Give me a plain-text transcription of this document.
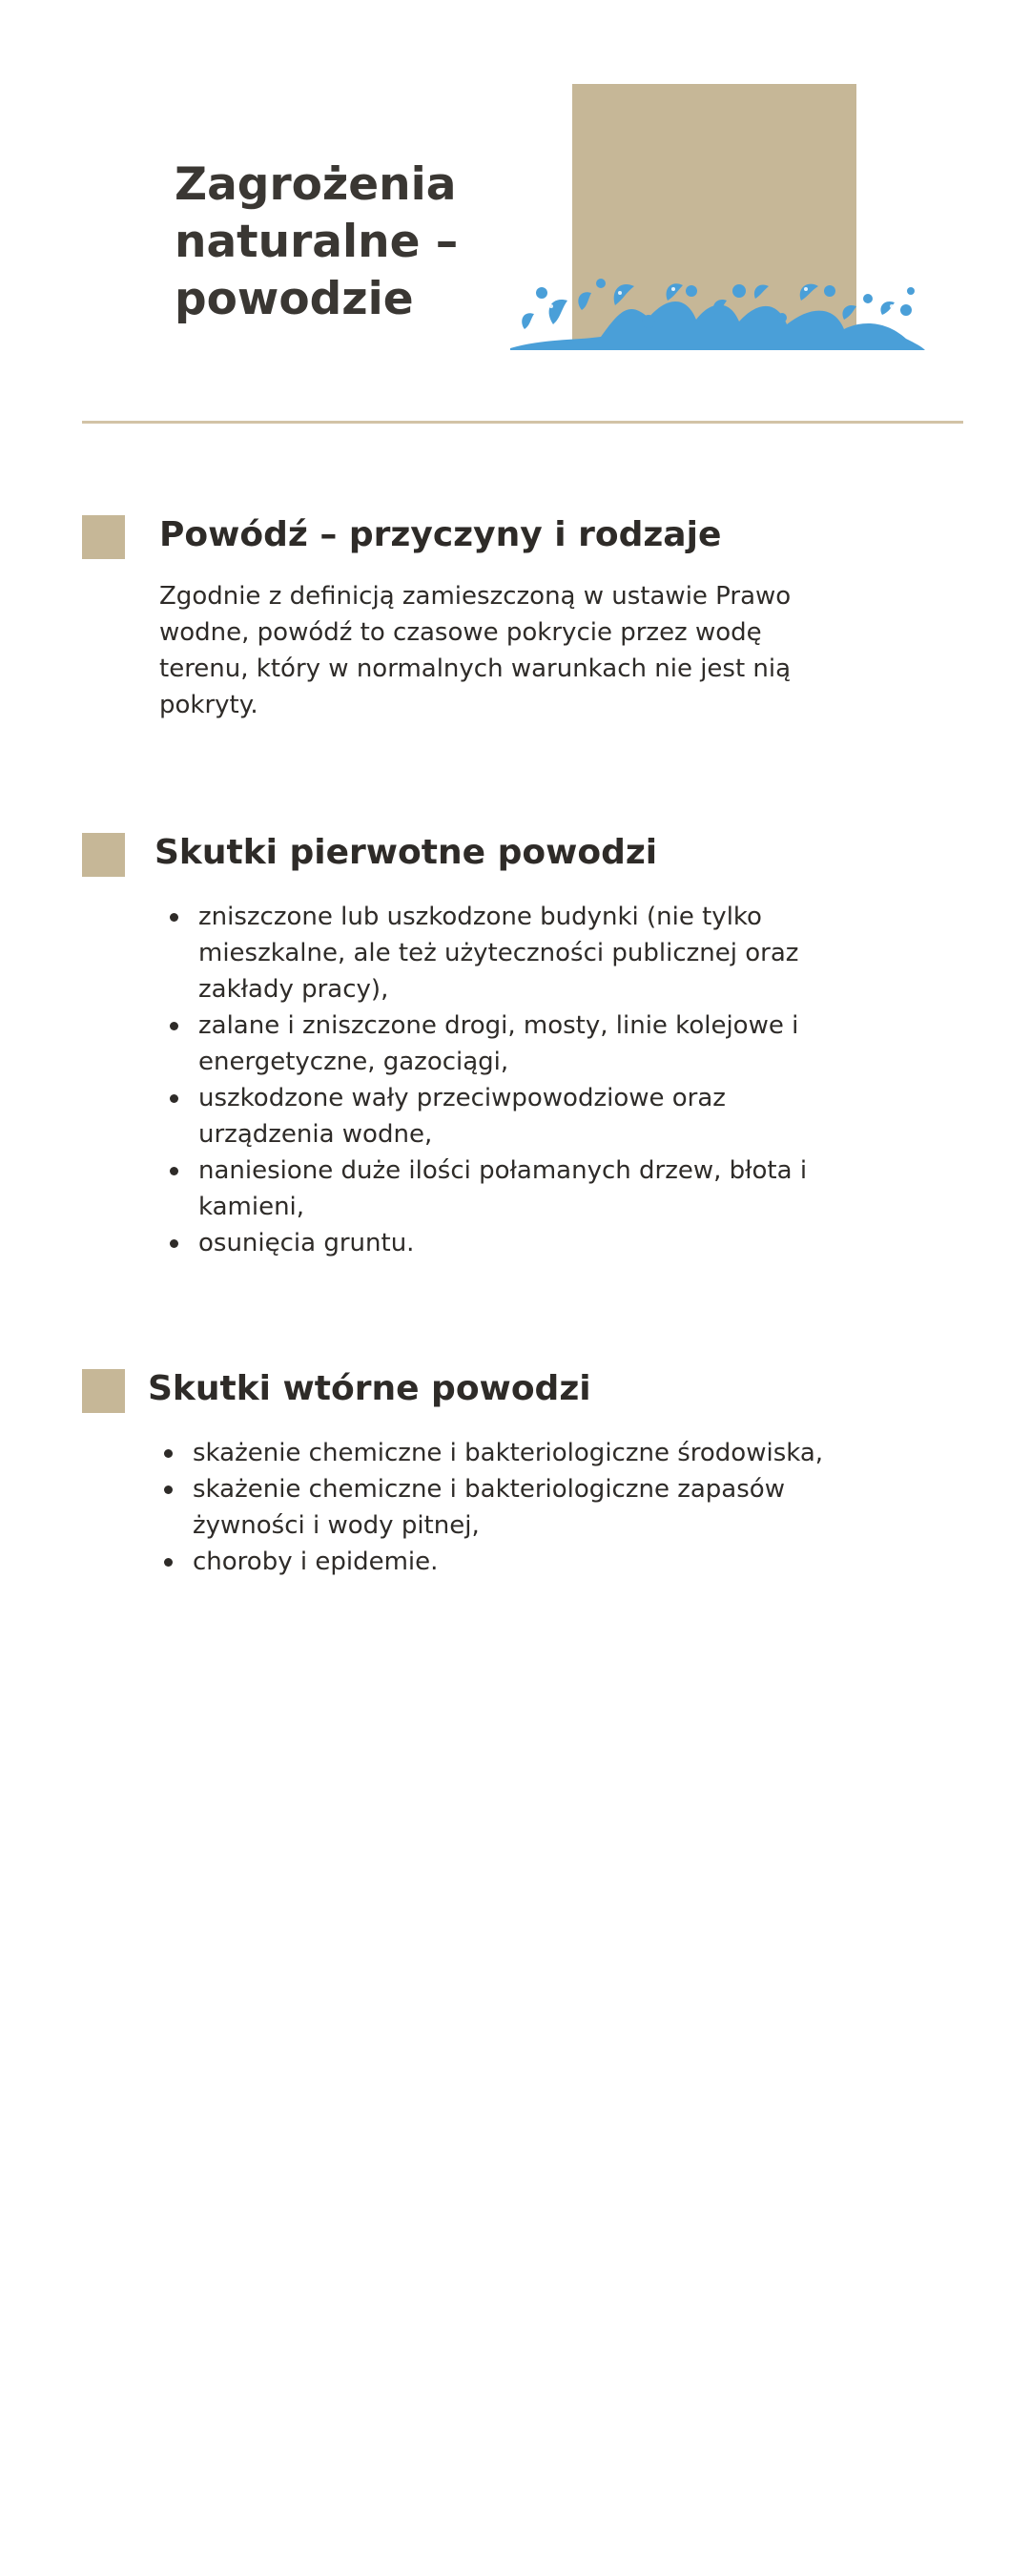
Zagrożenia
naturalne –
powodzie
Powódź – przyczyny i rodzaje

Zgodnie z definicją zamieszczoną w ustawie Prawo wodne, powódź to czasowe pokrycie przez wodę terenu, który w normalnych warunkach nie jest nią pokryty.

Skutki pierwotne powodzi
zniszczone lub uszkodzone budynki (nie tylko mieszkalne, ale też użyteczności publicznej oraz zakłady pracy),
zalane i zniszczone drogi, mosty, linie kolejowe i energetyczne, gazociągi,
uszkodzone wały przeciwpowodziowe oraz urządzenia wodne,
naniesione duże ilości połamanych drzew, błota i kamieni,
osunięcia gruntu.
Skutki wtórne powodzi
skażenie chemiczne i bakteriologiczne środowiska,
skażenie chemiczne i bakteriologiczne zapasów żywności i wody pitnej,
choroby i epidemie.
